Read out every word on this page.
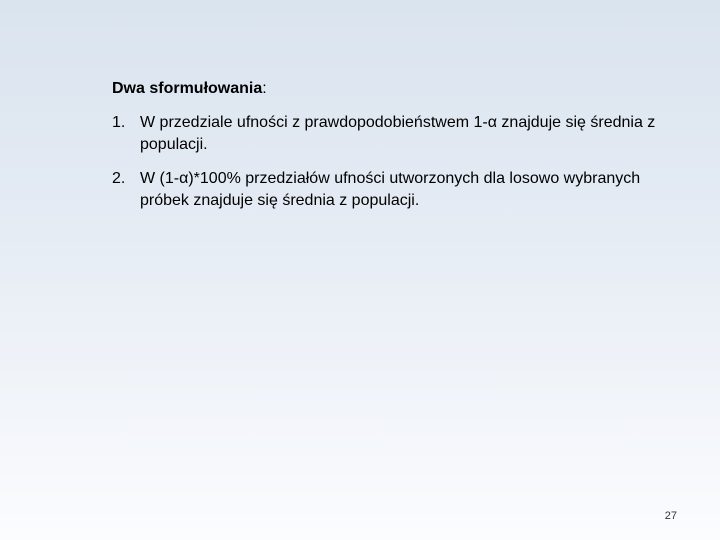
Dwa sformułowania:

1. W przedziale ufności z prawdopodobieństwem 1-α znajduje się średnia z populacji.
2. W (1-α)*100% przedziałów ufności utworzonych dla losowo wybranych próbek znajduje się średnia z populacji.
27
